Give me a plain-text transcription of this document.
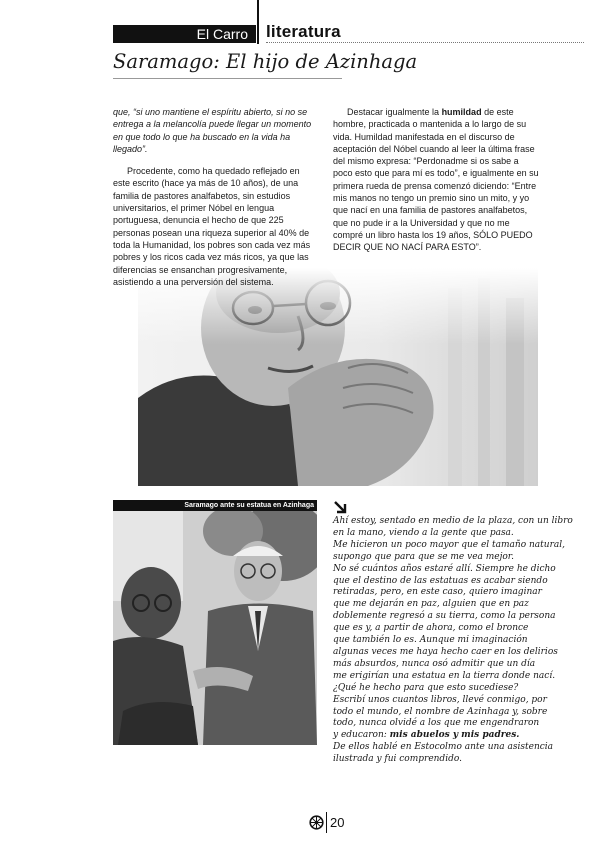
El Carro literatura
Saramago: El hijo de Azinhaga

que, “si uno mantiene el espíritu abierto, si no se entrega a la melancolía puede llegar un momento en que todo lo que ha buscado en la vida ha llegado”.

Procedente, como ha quedado reflejado en este escrito (hace ya más de 10 años), de una familia de pastores analfabetos, sin estudios universitarios, el primer Nóbel en lengua portuguesa, denuncia el hecho de que 225 personas posean una riqueza superior al 40% de toda la Humanidad, los pobres son cada vez más pobres y los ricos cada vez más ricos, ya que las diferencias se ensanchan progresivamente, asistiendo a una perversión del sistema.

Destacar igualmente la humildad de este hombre, practicada o mantenida a lo largo de su vida. Humildad manifestada en el discurso de aceptación del Nóbel cuando al leer la última frase del mismo expresa: “Perdonadme si os sabe a poco esto que para mí es todo”, e igualmente en su primera rueda de prensa comenzó diciendo: “Entre mis manos no tengo un premio sino un mito, y yo que nací en una familia de pastores analfabetos, que no pude ir a la Universidad y que no me compré un libro hasta los 19 años, SÓLO PUEDO DECIR QUE NO NACÍ PARA ESTO”.

Saramago ante su estatua en Azinhaga
Ahí estoy, sentado en medio de la plaza, con un libro
en la mano, viendo a la gente que pasa.
Me hicieron un poco mayor que el tamaño natural,
supongo que para que se me vea mejor.
No sé cuántos años estaré allí. Siempre he dicho
que el destino de las estatuas es acabar siendo
retiradas, pero, en este caso, quiero imaginar
que me dejarán en paz, alguien que en paz
doblemente regresó a su tierra, como la persona
que es y, a partir de ahora, como el bronce
que también lo es. Aunque mi imaginación
algunas veces me haya hecho caer en los delirios
más absurdos, nunca osó admitir que un día
me erigirían una estatua en la tierra donde nací.
¿Qué he hecho para que esto sucediese?
Escribí unos cuantos libros, llevé conmigo, por
todo el mundo, el nombre de Azinhaga y, sobre
todo, nunca olvidé a los que me engendraron
y educaron: mis abuelos y mis padres.
De ellos hablé en Estocolmo ante una asistencia
ilustrada y fui comprendido.
20
